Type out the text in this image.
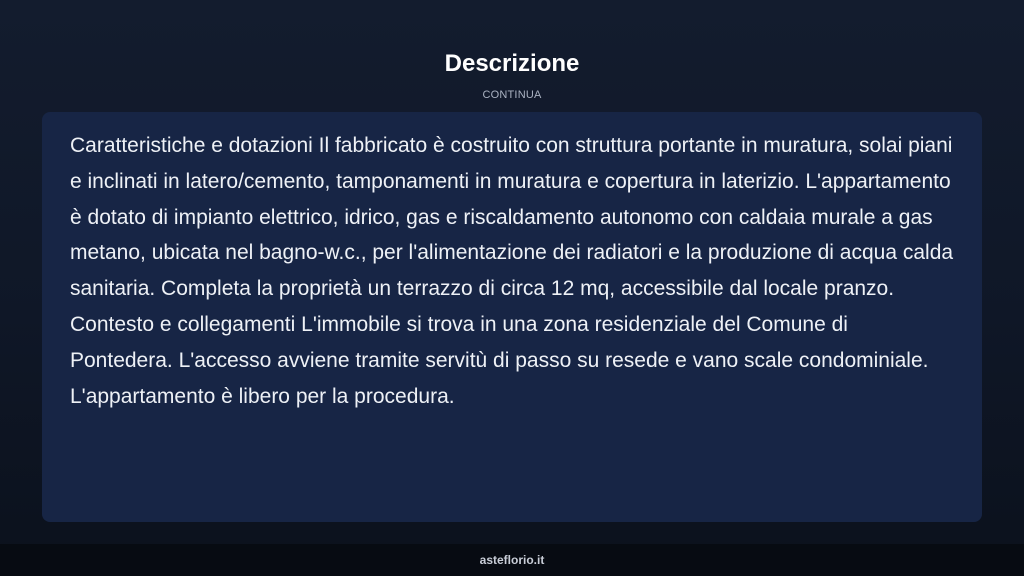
Descrizione
CONTINUA

Caratteristiche e dotazioni Il fabbricato è costruito con struttura portante in muratura, solai piani e inclinati in latero/cemento, tamponamenti in muratura e copertura in laterizio. L'appartamento è dotato di impianto elettrico, idrico, gas e riscaldamento autonomo con caldaia murale a gas metano, ubicata nel bagno-w.c., per l'alimentazione dei radiatori e la produzione di acqua calda sanitaria. Completa la proprietà un terrazzo di circa 12 mq, accessibile dal locale pranzo. Contesto e collegamenti L'immobile si trova in una zona residenziale del Comune di Pontedera. L'accesso avviene tramite servitù di passo su resede e vano scale condominiale. L'appartamento è libero per la procedura.

asteflorio.it
